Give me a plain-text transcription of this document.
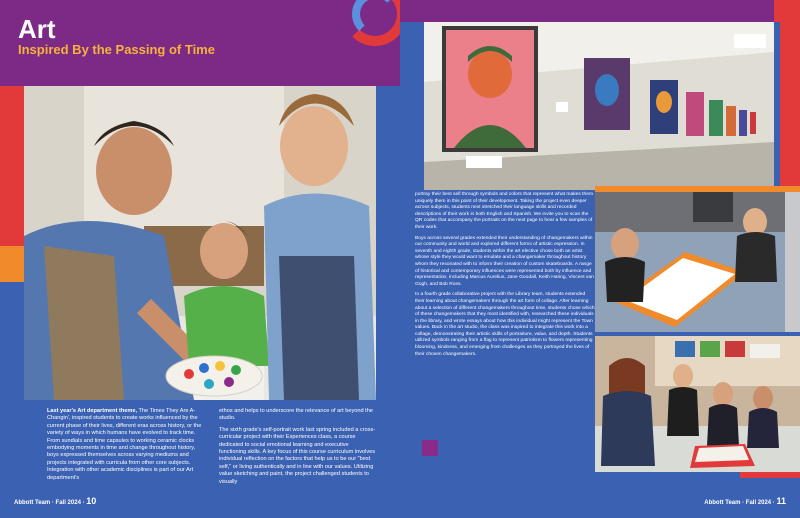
Art
Inspired By the Passing of Time

Last year's Art department theme, The Times They Are A-Changin', inspired students to create works influenced by the current phase of their lives, different eras across history, or the variety of ways in which humans have evolved to track time. From sundials and time capsules to working ceramic clocks embodying moments in time and change throughout history, boys expressed themselves across varying mediums and projects integrated with curricula from other core subjects. Integration with other academic disciplines is part of our Art department's

ethos and helps to underscore the relevance of art beyond the studio.

The sixth grade's self-portrait work last spring included a cross-curricular project with their Experiences class, a course dedicated to social emotional learning and executive functioning skills. A key focus of this course curriculum involves individual reflection on the factors that help us to be our "best self," or living authentically and in line with our values. Utilizing value sketching and paint, the project challenged students to visually

Abbott Team · Fall 2024 · 10

portray their best self through symbols and colors that represent what makes them uniquely them in this point of their development. Taking the project even deeper across subjects, students next stretched their language skills and recorded descriptions of their work in both English and Spanish. We invite you to scan the QR codes that accompany the portraits on the next page to hear a few samples of their work.

Boys across several grades extended their understanding of changemakers within our community and world and explored different forms of artistic expression. In seventh and eighth grade, students within the art elective chose both an artist whose style they would want to emulate and a changemaker throughout history whom they resonated with to inform their creation of custom skateboards. A range of historical and contemporary influences were represented both by influence and representation, including Marcus Aurelius, Jane Goodall, Keith Haring, Vincent van Gogh, and Bob Ross.

In a fourth grade collaborative project with the Library team, students extended their learning about changemakers through the art form of collage. After learning about a selection of different changemakers throughout time, students chose which of these changemakers that they most identified with, researched these individuals in the library, and wrote essays about how this individual might represent the Town values. Back in the art studio, the class was inspired to integrate this work into a collage, demonstrating their artistic skills of portraiture, value, and depth. Students utilized symbols ranging from a flag to represent patriotism to flowers representing blooming, kindness, and emerging from challenges as they portrayed the lives of their chosen changemakers.

Abbott Team · Fall 2024 · 11
